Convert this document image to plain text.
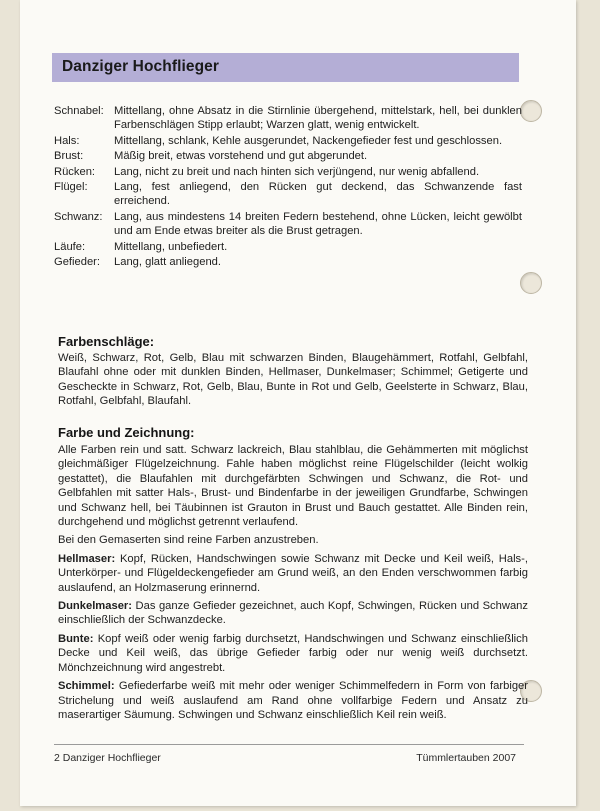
Danziger Hochflieger
Schnabel: Mittellang, ohne Absatz in die Stirnlinie übergehend, mittelstark, hell, bei dunklen Farbenschlägen Stipp erlaubt; Warzen glatt, wenig entwickelt.
Hals:	Mittellang, schlank, Kehle ausgerundet, Nackengefieder fest und geschlossen.
Brust:	Mäßig breit, etwas vorstehend und gut abgerundet.
Rücken:	Lang, nicht zu breit und nach hinten sich verjüngend, nur wenig abfallend.
Flügel:	Lang, fest anliegend, den Rücken gut deckend, das Schwanzende fast erreichend.
Schwanz:	Lang, aus mindestens 14 breiten Federn bestehend, ohne Lücken, leicht gewölbt und am Ende etwas breiter als die Brust getragen.
Läufe:	Mittellang, unbefiedert.
Gefieder:	Lang, glatt anliegend.
Farbenschläge:

Weiß, Schwarz, Rot, Gelb, Blau mit schwarzen Binden, Blaugehämmert, Rotfahl, Gelbfahl, Blaufahl ohne oder mit dunklen Binden, Hellmaser, Dunkelmaser; Schimmel; Getigerte und Gescheckte in Schwarz, Rot, Gelb, Blau, Bunte in Rot und Gelb, Geelsterte in Schwarz, Blau, Rotfahl, Gelbfahl, Blaufahl.

Farbe und Zeichnung:

Alle Farben rein und satt. Schwarz lackreich, Blau stahlblau, die Gehämmerten mit möglichst gleichmäßiger Flügelzeichnung. Fahle haben möglichst reine Flügelschilder (leicht wolkig gestattet), die Blaufahlen mit durchgefärbten Schwingen und Schwanz, die Rot- und Gelbfahlen mit satter Hals-, Brust- und Bindenfarbe in der jeweiligen Grundfarbe, Schwingen und Schwanz hell, bei Täubinnen ist Grauton in Brust und Bauch gestattet. Alle Binden rein, durchgehend und möglichst getrennt verlaufend.

Bei den Gemaserten sind reine Farben anzustreben.

Hellmaser: Kopf, Rücken, Handschwingen sowie Schwanz mit Decke und Keil weiß, Hals-, Unterkörper- und Flügeldeckengefieder am Grund weiß, an den Enden verschwommen farbig auslaufend, an Holzmaserung erinnernd.

Dunkelmaser: Das ganze Gefieder gezeichnet, auch Kopf, Schwingen, Rücken und Schwanz einschließlich der Schwanzdecke.

Bunte: Kopf weiß oder wenig farbig durchsetzt, Handschwingen und Schwanz einschließlich Decke und Keil weiß, das übrige Gefieder farbig oder nur wenig weiß durchsetzt. Mönchzeichnung wird angestrebt.

Schimmel: Gefiederfarbe weiß mit mehr oder weniger Schimmelfedern in Form von farbiger Strichelung und weiß auslaufend am Rand ohne vollfarbige Federn und Ansatz zu maserartiger Säumung. Schwingen und Schwanz einschließlich Keil rein weiß.

2 Danziger Hochflieger	Tümmlertauben 2007
